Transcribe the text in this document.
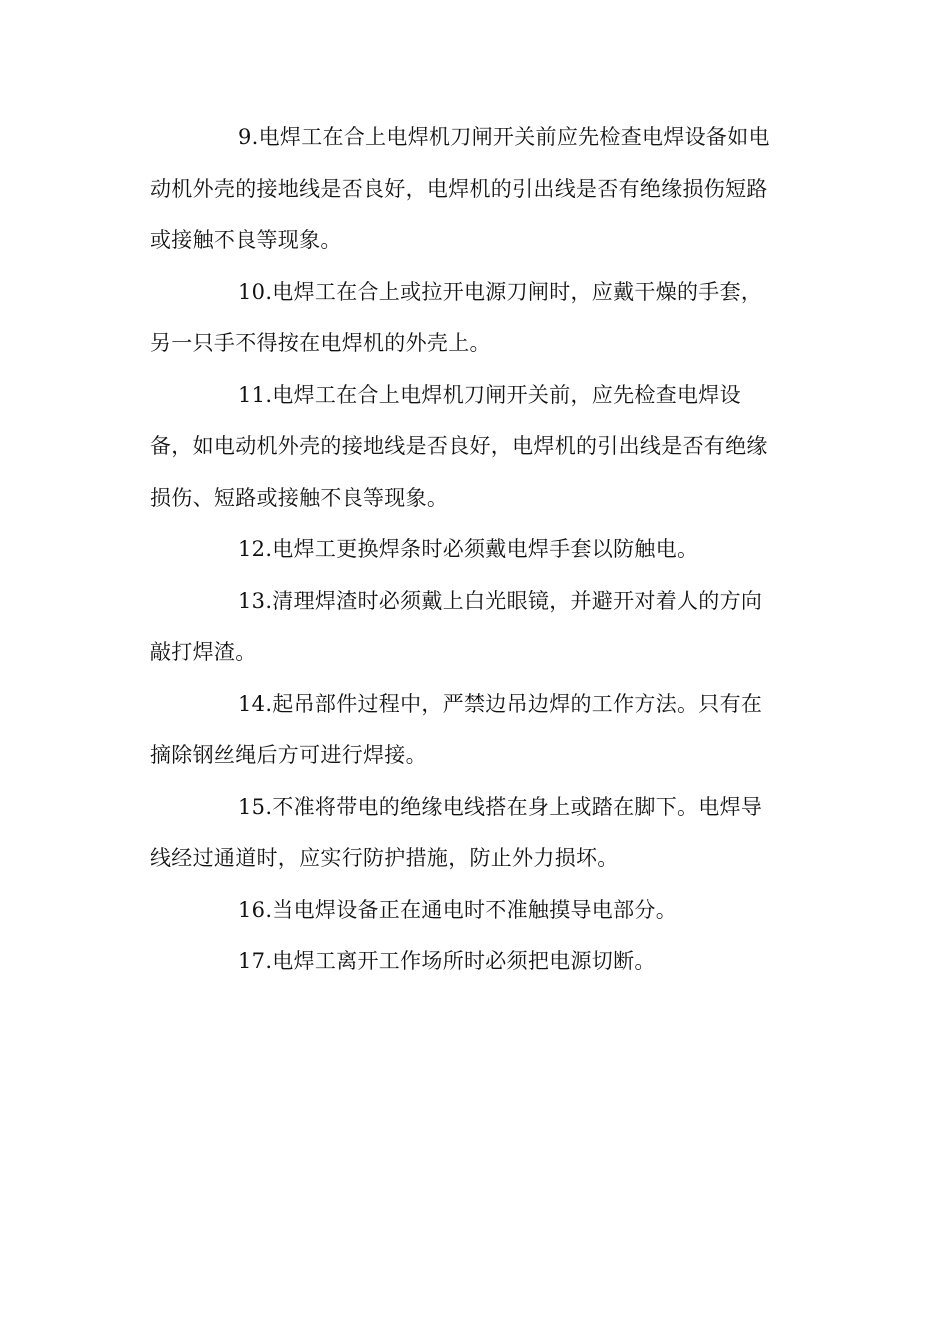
9.电焊工在合上电焊机刀闸开关前应先检查电焊设备如电
动机外壳的接地线是否良好，电焊机的引出线是否有绝缘损伤短路
或接触不良等现象。

10.电焊工在合上或拉开电源刀闸时，应戴干燥的手套，
另一只手不得按在电焊机的外壳上。

11.电焊工在合上电焊机刀闸开关前，应先检查电焊设
备，如电动机外壳的接地线是否良好，电焊机的引出线是否有绝缘
损伤、短路或接触不良等现象。

12.电焊工更换焊条时必须戴电焊手套以防触电。

13.清理焊渣时必须戴上白光眼镜，并避开对着人的方向
敲打焊渣。

14.起吊部件过程中，严禁边吊边焊的工作方法。只有在
摘除钢丝绳后方可进行焊接。

15.不准将带电的绝缘电线搭在身上或踏在脚下。电焊导
线经过通道时，应实行防护措施，防止外力损坏。

16.当电焊设备正在通电时不准触摸导电部分。

17.电焊工离开工作场所时必须把电源切断。
